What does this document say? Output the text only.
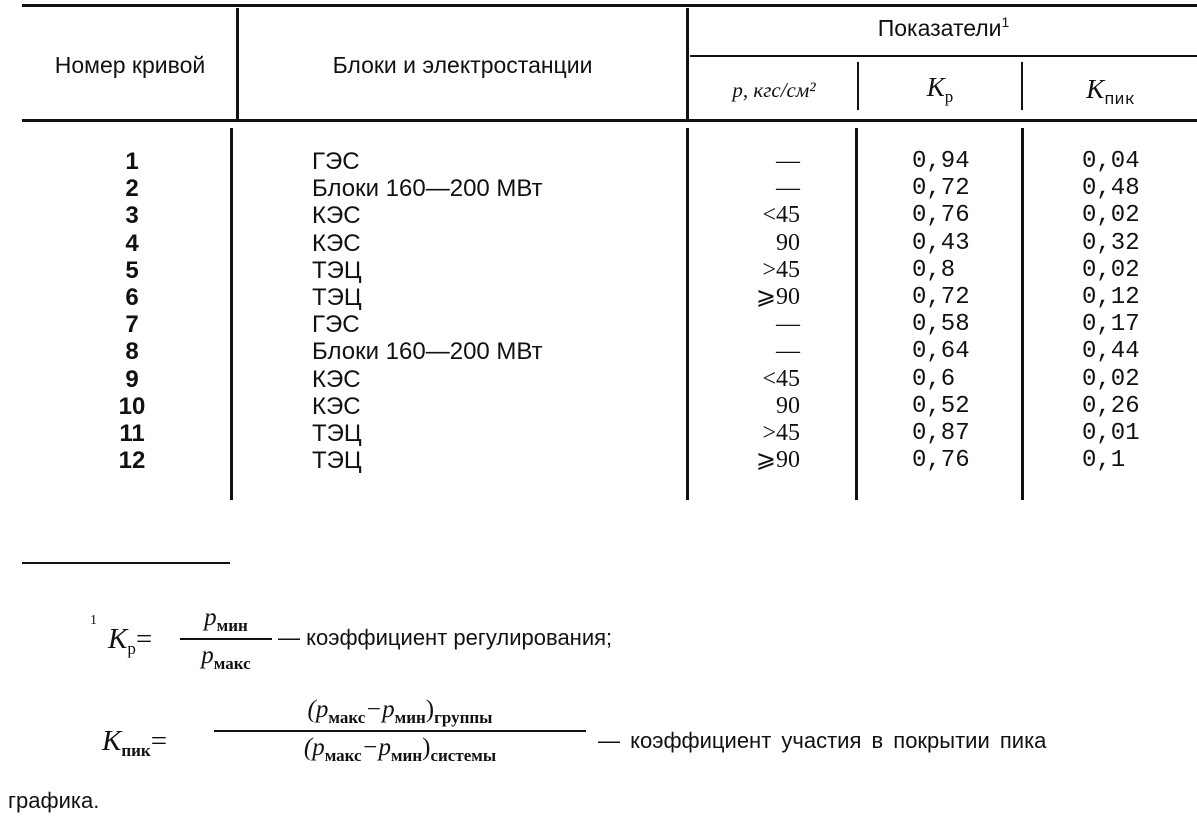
Номер кривой	Блоки и электростанции
Показатели$^1$
p, кгс/см²	$K_р$	$K_{пик}$
1	ГЭС	—	0,94	0,04
2	Блоки 160—200 МВт	—	0,72	0,48
3	КЭС	<45	0,76	0,02
4	КЭС	90	0,43	0,32
5	ТЭЦ	>45	0,8	0,02
6	ТЭЦ	⩾90	0,72	0,12
7	ГЭС	—	0,58	0,17
8	Блоки 160—200 МВт	—	0,64	0,44
9	КЭС	<45	0,6	0,02
10	КЭС	90	0,52	0,26
11	ТЭЦ	>45	0,87	0,01
12	ТЭЦ	⩾90	0,76	0,1
$^1$
$K_р=$
$p_{мин}$
$p_{макс}$
— коэффициент регулирования;
$K_{пик}=$
$(p_{макс}-p_{мин})_{группы}$
$(p_{макс}-p_{мин})_{системы}$
— коэффициент участия в покрытии пика
графика.
